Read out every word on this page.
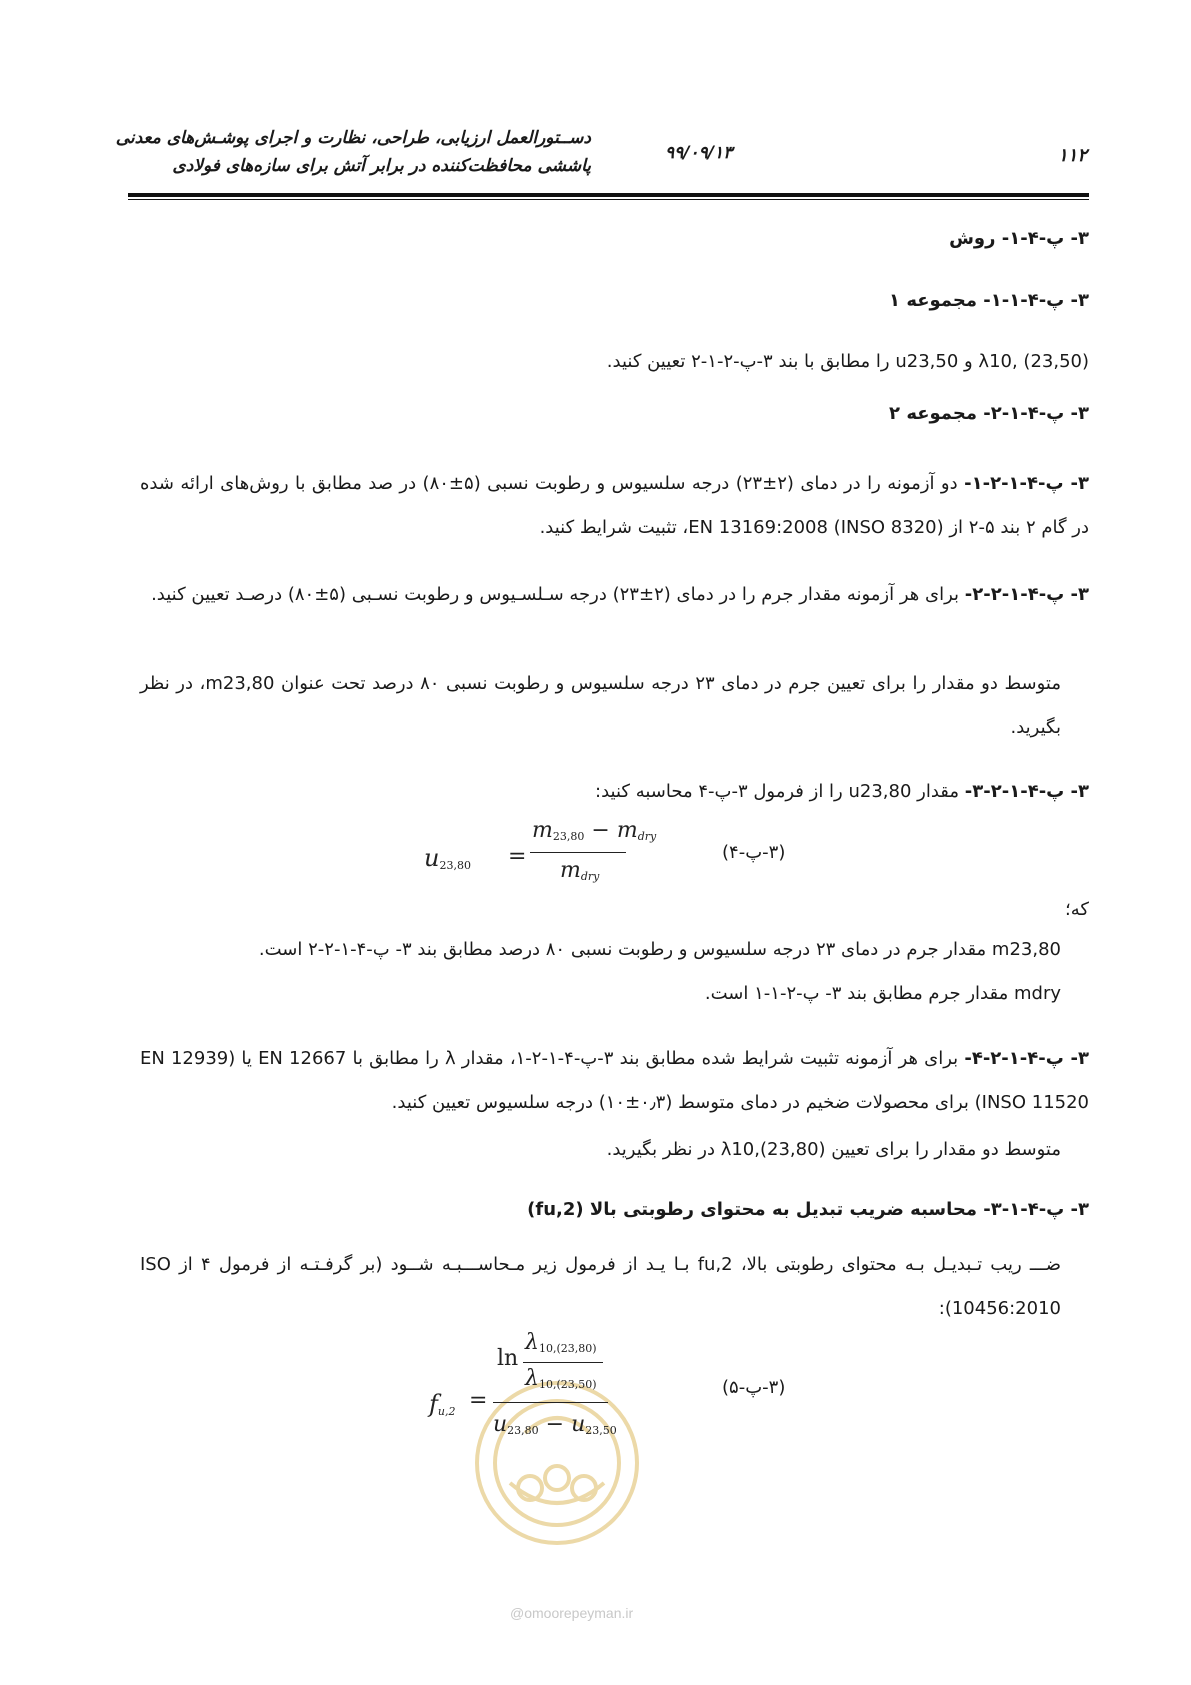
دســتورالعمل ارزیابی، طراحی، نظارت و اجرای پوشـش‌های معدنی
پاششی محافظت‌کننده در برابر آتش برای سازه‌های فولادی
۹۹/۰۹/۱۳	۱۱۲
۳- پ-۴-۱- روش
۳- پ-۴-۱-۱- مجموعه ۱
λ10, (23,50) و u23,50 را مطابق با بند ۳-پ-۲-۱-۲ تعیین کنید.
۳- پ-۴-۱-۲- مجموعه ۲
۳- پ-۴-۱-۲-۱- دو آزمونه را در دمای (۲±۲۳) درجه سلسیوس و رطوبت نسبی (۵±۸۰) در صد مطابق با روش‌های ارائه شده در گام ۲ بند ۵-۲ از (INSO 8320) EN 13169:2008، تثبیت شرایط کنید.
۳- پ-۴-۱-۲-۲- برای هر آزمونه مقدار جرم را در دمای (۲±۲۳) درجه سـلسـیوس و رطوبت نسـبی (۵±۸۰) درصـد تعیین کنید.
متوسط دو مقدار را برای تعیین جرم در دمای ۲۳ درجه سلسیوس و رطوبت نسبی ۸۰ درصد تحت عنوان m23,80، در نظر بگیرید.
۳- پ-۴-۱-۲-۳- مقدار u23,80 را از فرمول ۳-پ-۴ محاسبه کنید:
$u_{23,80}$ =
$m_{23,80} - m_{dry}$
$m_{dry}$
(۳-پ-۴)
که؛
m23,80 مقدار جرم در دمای ۲۳ درجه سلسیوس و رطوبت نسبی ۸۰ درصد مطابق بند ۳- پ-۴-۱-۲-۲ است.
mdry مقدار جرم مطابق بند ۳- پ-۲-۱-۱ است.
۳- پ-۴-۱-۲-۴- برای هر آزمونه تثبیت شرایط شده مطابق بند ۳-پ-۴-۱-۲-۱، مقدار λ را مطابق با EN 12667 یا (EN 12939 (INSO 11520 برای محصولات ضخیم در دمای متوسط (۰٫۳±۱۰) درجه سلسیوس تعیین کنید.
متوسط دو مقدار را برای تعیین λ10,(23,80) در نظر بگیرید.
۳- پ-۴-۱-۳- محاسبه ضریب تبدیل به محتوای رطوبتی بالا (fu,2)
ضـــ ریب تـبدیـل بـه محتوای رطوبتی بالا، fu,2 بـا یـد از فرمول زیر مـحاســـبـه شــود (بر گرفـتـه از فرمول ۴ از ISO 10456:2010):
$f_{u,2}$ =
ln
$\lambda_{10,(23,80)}$
$\lambda_{10,(23,50)}$
$u_{23,80} - u_{23,50}$
(۳-پ-۵)
@omoorepeyman.ir
